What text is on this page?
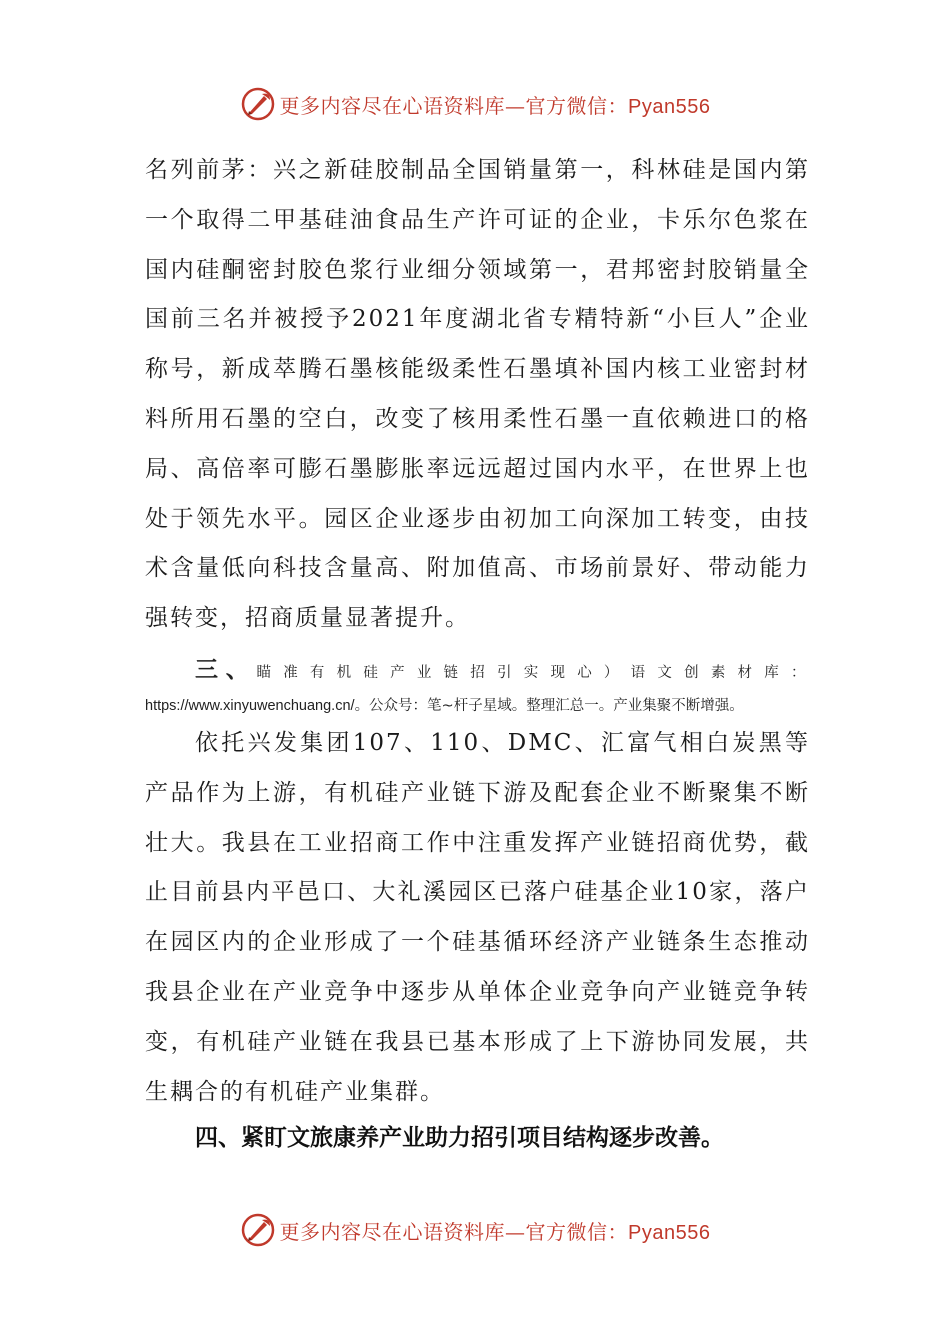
更多内容尽在心语资料库—官方微信：Pyan556

名列前茅：兴之新硅胶制品全国销量第一，科林硅是国内第一个取得二甲基硅油食品生产许可证的企业，卡乐尔色浆在国内硅酮密封胶色浆行业细分领域第一，君邦密封胶销量全国前三名并被授予2021年度湖北省专精特新“小巨人”企业称号，新成萃腾石墨核能级柔性石墨填补国内核工业密封材料所用石墨的空白，改变了核用柔性石墨一直依赖进口的格局、高倍率可膨石墨膨胀率远远超过国内水平，在世界上也处于领先水平。园区企业逐步由初加工向深加工转变，由技术含量低向科技含量高、附加值高、市场前景好、带动能力强转变，招商质量显著提升。

三、瞄准有机硅产业链招引实现心）语文创素材库：https://www.xinyuwenchuang.cn/。公众号：笔~杆子星域。整理汇总一。产业集聚不断增强。

依托兴发集团107、110、DMC、汇富气相白炭黑等产品作为上游，有机硅产业链下游及配套企业不断聚集不断壮大。我县在工业招商工作中注重发挥产业链招商优势，截止目前县内平邑口、大礼溪园区已落户硅基企业10家，落户在园区内的企业形成了一个硅基循环经济产业链条生态推动我县企业在产业竞争中逐步从单体企业竞争向产业链竞争转变，有机硅产业链在我县已基本形成了上下游协同发展，共生耦合的有机硅产业集群。

四、紧盯文旅康养产业助力招引项目结构逐步改善。

更多内容尽在心语资料库—官方微信：Pyan556
